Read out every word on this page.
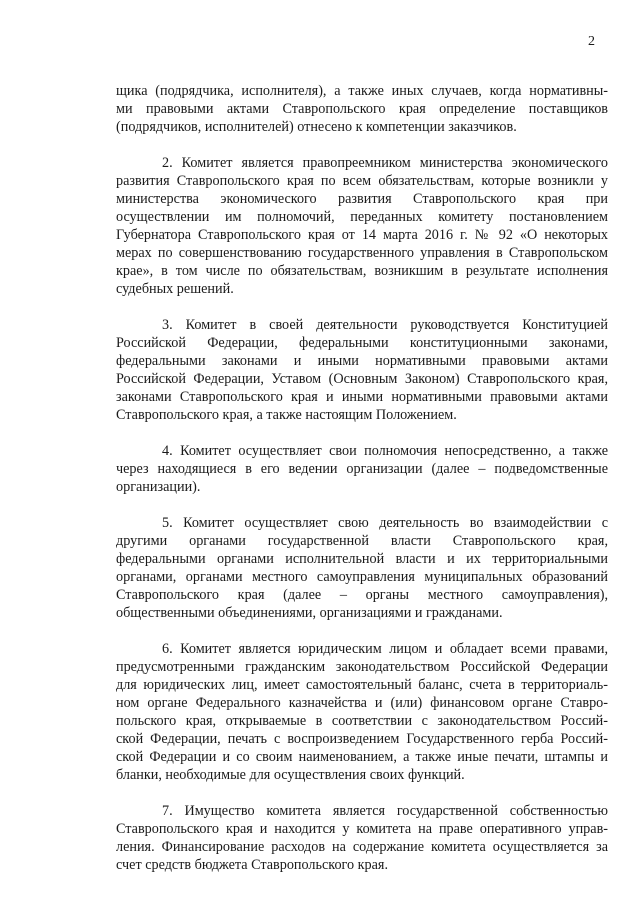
2
щика (подрядчика, исполнителя), а также иных случаев, когда нормативны-
ми правовыми актами Ставропольского края определение поставщиков
(подрядчиков, исполнителей) отнесено к компетенции заказчиков.
2. Комитет является правопреемником министерства экономического
развития Ставропольского края по всем обязательствам, которые возникли у
министерства экономического развития Ставропольского края при
осуществлении им полномочий, переданных комитету постановлением
Губернатора Ставропольского края от 14 марта 2016 г. № 92 «О некоторых
мерах по совершенствованию государственного управления в Ставропольском
крае», в том числе по обязательствам, возникшим в результате исполнения
судебных решений.
3. Комитет в своей деятельности руководствуется Конституцией
Российской Федерации, федеральными конституционными законами,
федеральными законами и иными нормативными правовыми актами
Российской Федерации, Уставом (Основным Законом) Ставропольского края,
законами Ставропольского края и иными нормативными правовыми актами
Ставропольского края, а также настоящим Положением.
4. Комитет осуществляет свои полномочия непосредственно, а также
через находящиеся в его ведении организации (далее – подведомственные
организации).
5. Комитет осуществляет свою деятельность во взаимодействии с
другими органами государственной власти Ставропольского края,
федеральными органами исполнительной власти и их территориальными
органами, органами местного самоуправления муниципальных образований
Ставропольского края (далее – органы местного самоуправления),
общественными объединениями, организациями и гражданами.
6. Комитет является юридическим лицом и обладает всеми правами,
предусмотренными гражданским законодательством Российской Федерации
для юридических лиц, имеет самостоятельный баланс, счета в территориаль-
ном органе Федерального казначейства и (или) финансовом органе Ставро-
польского края, открываемые в соответствии с законодательством Россий-
ской Федерации, печать с воспроизведением Государственного герба Россий-
ской Федерации и со своим наименованием, а также иные печати, штампы и
бланки, необходимые для осуществления своих функций.
7. Имущество комитета является государственной собственностью
Ставропольского края и находится у комитета на праве оперативного управ-
ления. Финансирование расходов на содержание комитета осуществляется за
счет средств бюджета Ставропольского края.
